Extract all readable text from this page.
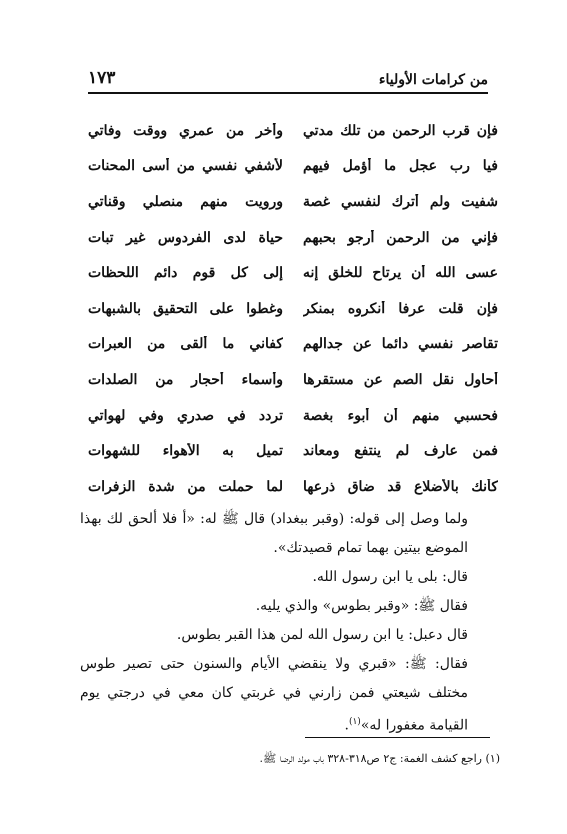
من كرامات الأولياء
١٧٣
فإن قرب الرحمن من تلك مدتي
وأخر من عمري ووقت وفاتي
فيا رب عجل ما أؤمل فيهم
لأشفي نفسي من أسى المحنات
شفيت ولم أترك لنفسي غصة
ورويت منهم منصلي وقناتي
فإني من الرحمن أرجو بحبهم
حياة لدى الفردوس غير تبات
عسى الله أن يرتاح للخلق إنه
إلى كل قوم دائم اللحظات
فإن قلت عرفا أنكروه بمنكر
وغطوا على التحقيق بالشبهات
تقاصر نفسي دائما عن جدالهم
كفاني ما ألقى من العبرات
أحاول نقل الصم عن مستقرها
وأسماء أحجار من الصلدات
فحسبي منهم أن أبوء بغصة
تردد في صدري وفي لهواتي
فمن عارف لم ينتفع ومعاند
تميل به الأهواء للشهوات
كأنك بالأضلاع قد ضاق ذرعها
لما حملت من شدة الزفرات

ولما وصل إلى قوله: (وقبر ببغداد) قال ﷺ له: «أ فلا ألحق لك بهذا الموضع بيتين بهما تمام قصيدتك».

قال: بلى يا ابن رسول الله.

فقال ﷺ: «وقبر بطوس» والذي يليه.

قال دعبل: يا ابن رسول الله لمن هذا القبر بطوس.

فقال: ﷺ: «قبري ولا ينقضي الأيام والسنون حتى تصير طوس مختلف شيعتي فمن زارني في غربتي كان معي في درجتي يوم القيامة مغفورا له»$^{(١)}$.

(١) راجع كشف الغمة: ج٢ ص٣١٨-٣٢٨ باب مولد الرضا ﷺ.
